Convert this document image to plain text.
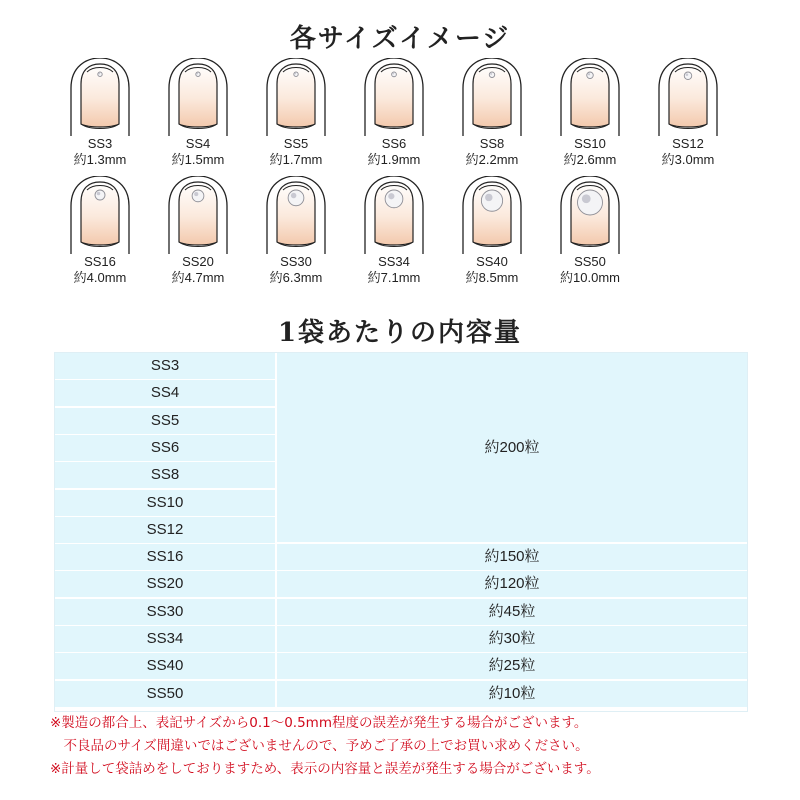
各サイズイメージ
SS3
約1.3mm
SS4
約1.5mm
SS5
約1.7mm
SS6
約1.9mm
SS8
約2.2mm
SS10
約2.6mm
SS12
約3.0mm
SS16
約4.0mm
SS20
約4.7mm
SS30
約6.3mm
SS34
約7.1mm
SS40
約8.5mm
SS50
約10.0mm
1袋あたりの内容量
SS3
SS4
SS5
SS6
SS8
SS10
SS12
SS16
SS20
SS30
SS34
SS40
SS50
約200粒
約150粒
約120粒
約45粒
約30粒
約25粒
約10粒
※製造の都合上、表記サイズから0.1〜0.5mm程度の誤差が発生する場合がございます。
　不良品のサイズ間違いではございませんので、予めご了承の上でお買い求めください。
※計量して袋詰めをしておりますため、表示の内容量と誤差が発生する場合がございます。
